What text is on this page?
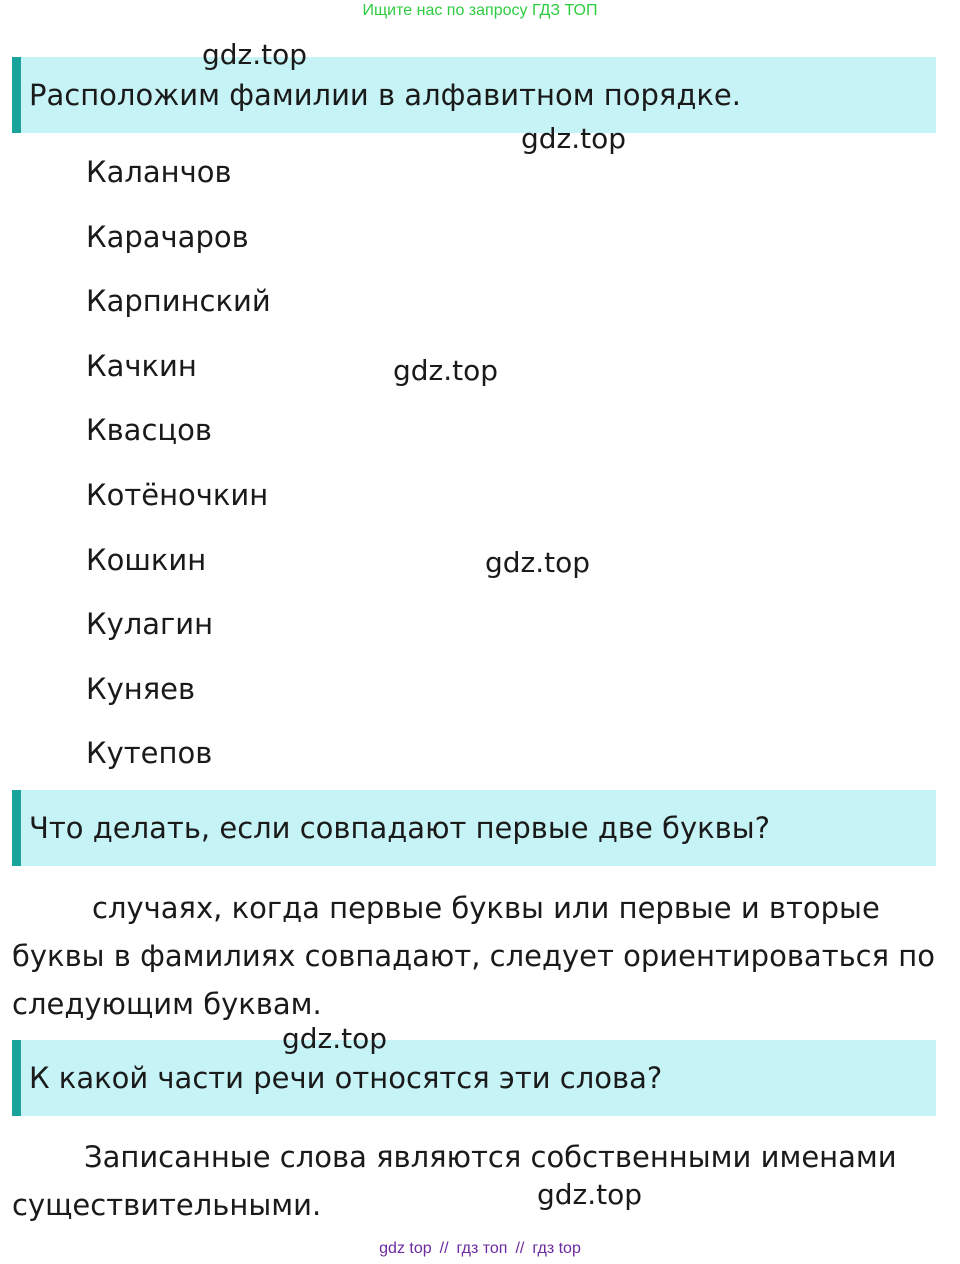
Ищите нас по запросу ГДЗ ТОП
Расположим фамилии в алфавитном порядке.
Каланчов
Карачаров
Карпинский
Качкин
Квасцов
Котёночкин
Кошкин
Кулагин
Куняев
Кутепов
Что делать, если совпадают первые две буквы?

случаях, когда первые буквы или первые и вторые буквы в фамилиях совпадают, следует ориентироваться по следующим буквам.

К какой части речи относятся эти слова?

Записанные слова являются собственными именами существительными.

gdz.top
gdz.top
gdz.top
gdz.top
gdz.top
gdz.top
gdz top // гдз топ // гдз top
